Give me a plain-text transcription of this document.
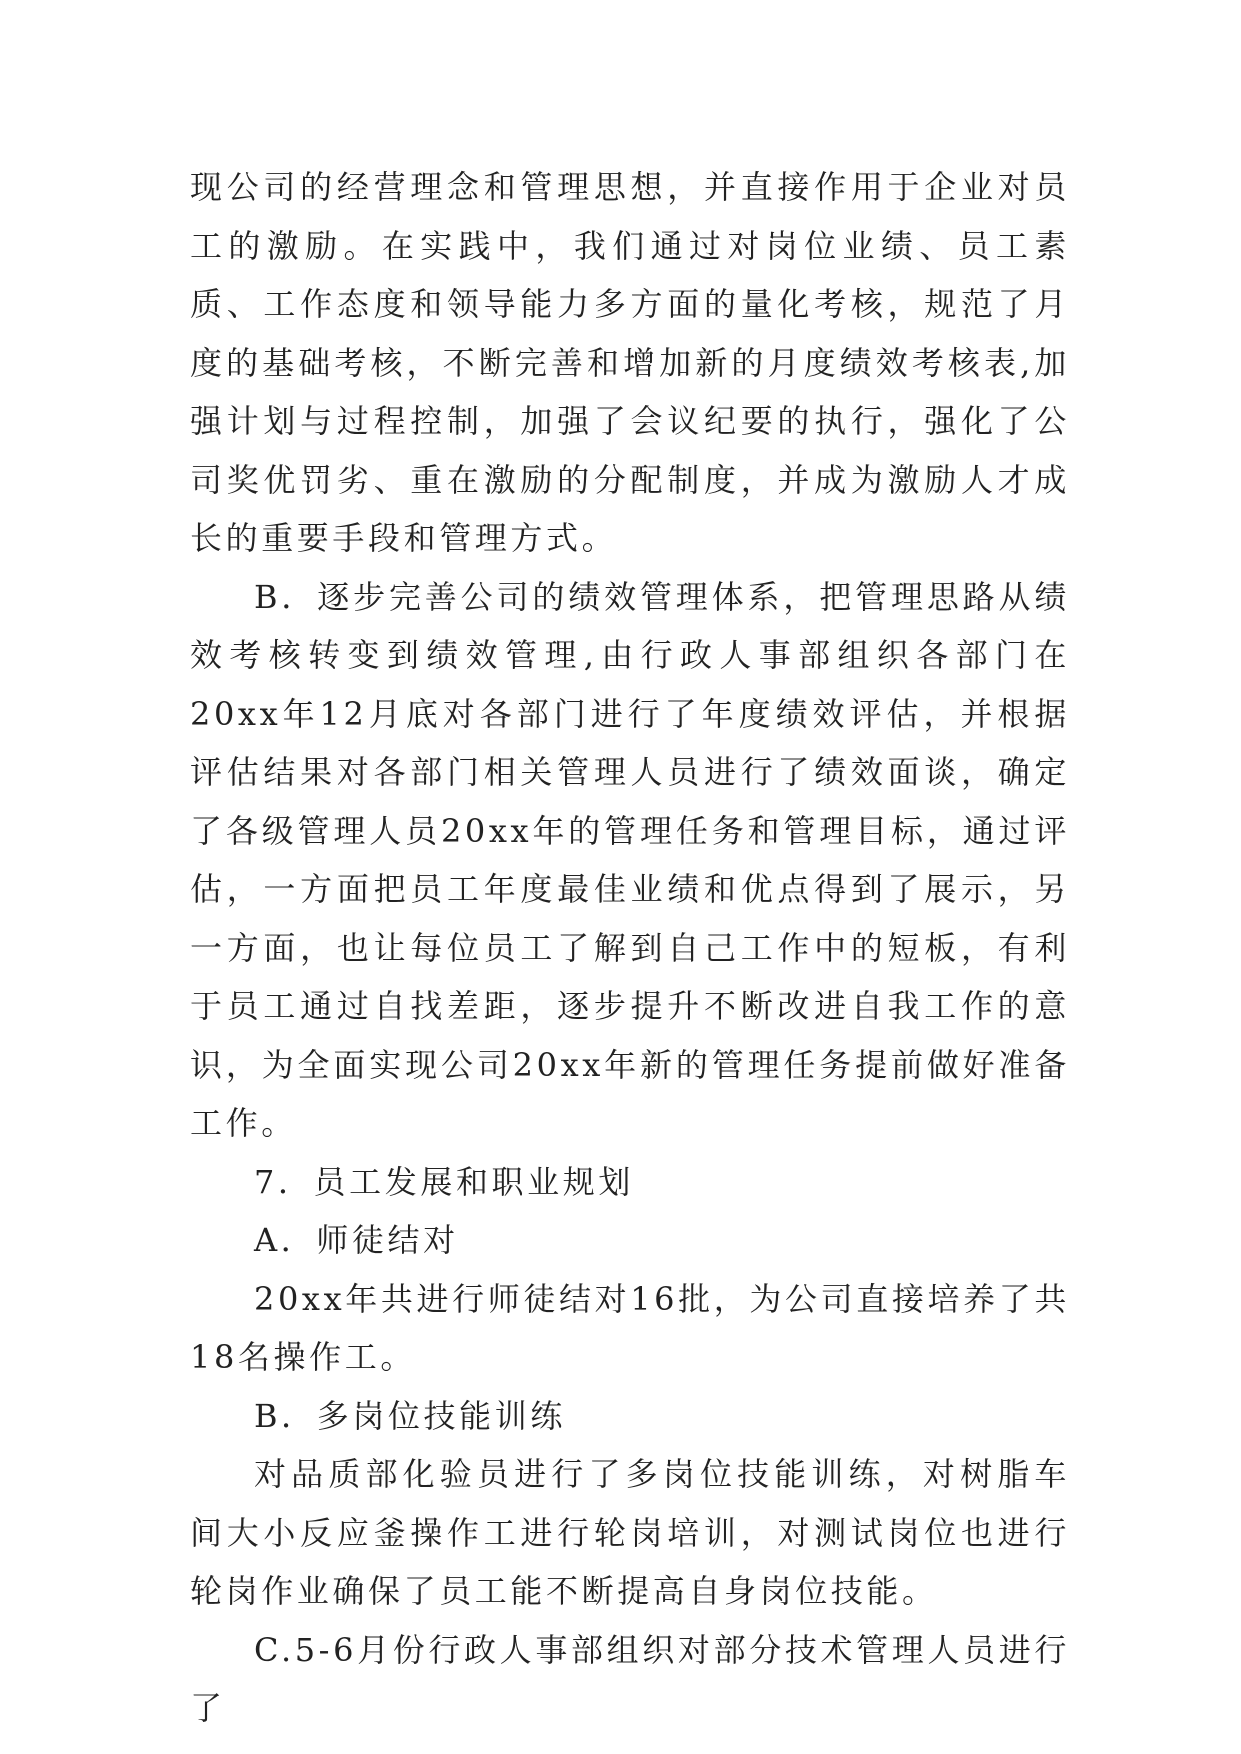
现公司的经营理念和管理思想，并直接作用于企业对员工的激励。在实践中，我们通过对岗位业绩、员工素质、工作态度和领导能力多方面的量化考核，规范了月度的基础考核，不断完善和增加新的月度绩效考核表,加强计划与过程控制，加强了会议纪要的执行，强化了公司奖优罚劣、重在激励的分配制度，并成为激励人才成长的重要手段和管理方式。

B．逐步完善公司的绩效管理体系，把管理思路从绩效考核转变到绩效管理,由行政人事部组织各部门在20xx年12月底对各部门进行了年度绩效评估，并根据评估结果对各部门相关管理人员进行了绩效面谈，确定了各级管理人员20xx年的管理任务和管理目标，通过评估，一方面把员工年度最佳业绩和优点得到了展示，另一方面，也让每位员工了解到自己工作中的短板，有利于员工通过自找差距，逐步提升不断改进自我工作的意识，为全面实现公司20xx年新的管理任务提前做好准备工作。

7．员工发展和职业规划

A．师徒结对

20xx年共进行师徒结对16批，为公司直接培养了共18名操作工。

B．多岗位技能训练

对品质部化验员进行了多岗位技能训练，对树脂车间大小反应釜操作工进行轮岗培训，对测试岗位也进行轮岗作业确保了员工能不断提高自身岗位技能。

C.5-6月份行政人事部组织对部分技术管理人员进行了
